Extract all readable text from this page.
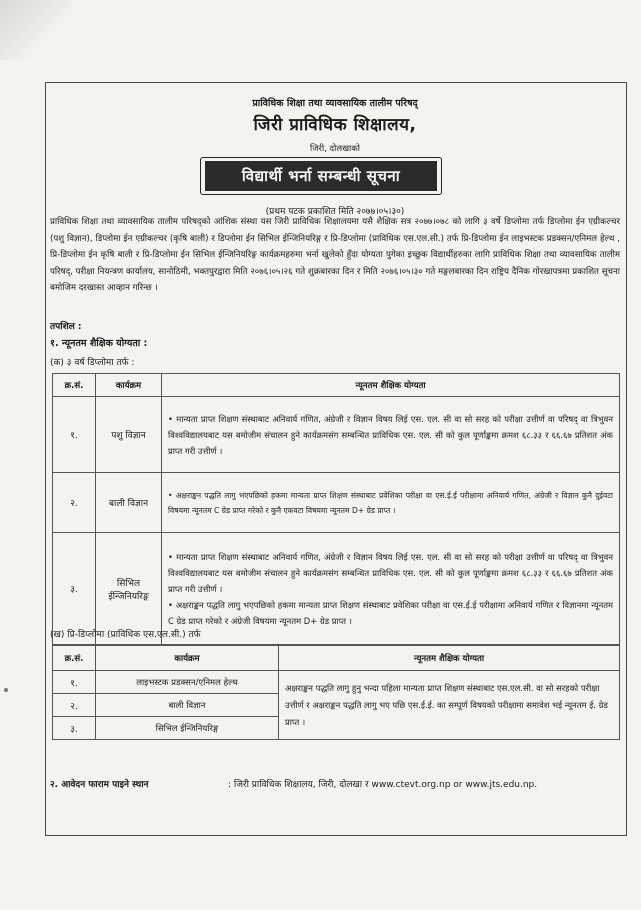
प्राविधिक शिक्षा तथा व्यावसायिक तालीम परिषद्
जिरी प्राविधिक शिक्षालय,
जिरी, दोलखाको
विद्यार्थी भर्ना सम्बन्धी सूचना
(प्रथम पटक प्रकाशित मिति २०७७।०५।३०)
प्राविधिक शिक्षा तथा व्यावसायिक तालीम परिषद्को आंशिक संस्था यस जिरी प्राविधिक शिक्षालयमा यसै शैक्षिक सत्र २०७७।०७८ को लागि ३ वर्षे डिप्लोमा तर्फ डिप्लोमा ईन एग्रीकल्चर (पशु विज्ञान), डिप्लोमा ईन एग्रीकल्चर (कृषि बाली) र डिप्लोमा ईन सिभिल ईन्जिनियरिङ्ग र प्रि-डिप्लोमा (प्राविधिक एस.एल.सी.) तर्फ प्रि-डिप्लोमा ईन लाइभस्टक प्रडक्सन/एनिमल हेल्थ , प्रि-डिप्लोमा ईन कृषि बाली र प्रि-डिप्लोमा ईन सिभिल ईन्जिनियरिङ्ग कार्यक्रमहरुमा भर्ना खुलेको हुँदा योग्यता पुगेका इच्छुक विद्यार्थीहरुका लागि प्राविधिक शिक्षा तथा व्यावसायिक तालीम परिषद्, परीक्षा नियन्त्रण कार्यालय, सानोठिमी, भक्तपुरद्वारा मिति २०७६।०५।२६ गते शुक्रबारका दिन र मिति २०७६।०५।३० गते मङ्गलबारका दिन राष्ट्रिय दैनिक गोरखापत्रमा प्रकाशित सूचना बमोजिम दरखास्त आव्हान गरिन्छ ।
तपशिल :
१. न्यूनतम शैक्षिक योग्यता :
(क) ३ वर्ष डिप्लोमा तर्फ :
क्र.सं.	कार्यक्रम	न्यूनतम शैक्षिक योग्यता
१.	पशु विज्ञान	• मान्यता प्राप्त शिक्षण संस्थाबाट अनिवार्य गणित, अंग्रेजी र विज्ञान विषय लिई एस. एल. सी वा सो सरह को परीक्षा उत्तीर्ण वा परिषद् वा त्रिभुवन विश्वविद्यालयबाट यस बमोजीम संचालन हुने कार्यक्रमसंग सम्बन्धित प्राविधिक एस. एल. सी को कुल पूर्णाङ्कमा क्रमश ६८.३३ र ६६.६७ प्रतिशत अंक प्राप्त गरी उत्तीर्ण ।
२.	बाली विज्ञान	• अक्षराङ्कन पद्धति लागु भएपछिको हकमा मान्यता प्राप्त शिक्षण संस्थाबाट प्रवेशिका परीक्षा वा एस.ई.ई परीक्षामा अनिवार्य गणित, अंग्रेजी र विज्ञान कुनै दुईवटा विषयमा न्यूनतम C ग्रेड प्राप्त गरेको र कुनै एकवटा विषयमा न्यूनतम D+ ग्रेड प्राप्त ।
३.	सिभिल ईन्जिनियरिङ्ग	• मान्यता प्राप्त शिक्षण संस्थाबाट अनिवार्य गणित, अंग्रेजी र विज्ञान विषय लिई एस. एल. सी वा सो सरह को परीक्षा उत्तीर्ण वा परिषद् वा त्रिभुवन विश्वविद्यालयबाट यस बमोजीम संचालन हुने कार्यक्रमसंग सम्बन्धित प्राविधिक एस. एल. सी को कुल पूर्णाङ्कमा क्रमश ६८.३३ र ६६.६७ प्रतिशत अंक प्राप्त गरी उत्तीर्ण ।
• अक्षराङ्कन पद्धति लागु भएपछिको हकमा मान्यता प्राप्त शिक्षण संस्थाबाट प्रवेशिका परीक्षा वा एस.ई.ई परीक्षामा अनिवार्य गणित र विज्ञानमा न्यूनतम C ग्रेड प्राप्त गरेको र अंग्रेजी विषयमा न्यूनतम D+ ग्रेड प्राप्त ।
(ख) प्रि-डिप्लोमा (प्राविधिक एस.एल.सी.) तर्फ
क्र.सं.	कार्यक्रम	न्यूनतम शैक्षिक योग्यता
१.	लाइभस्टक प्रडक्सन/एनिमल हेल्थ	अक्षराङ्कन पद्धति लागु हुनु भन्दा पहिला मान्यता प्राप्त शिक्षण संस्थाबाट एस.एल.सी. वा सो सरहको परीक्षा उत्तीर्ण र अक्षराङ्कन पद्धति लागु भए पछि एस.ई.ई. का सम्पूर्ण विषयको परीक्षामा समावेश भई न्यूनतम ई. ग्रेड प्राप्त ।
२.	बाली विज्ञान	
३.	सिभिल ईन्जिनियरिङ्ग	
२. आवेदन फाराम पाइने स्थान	: जिरी प्राविधिक शिक्षालय, जिरी, दोलखा र www.ctevt.org.np or www.jts.edu.np.
